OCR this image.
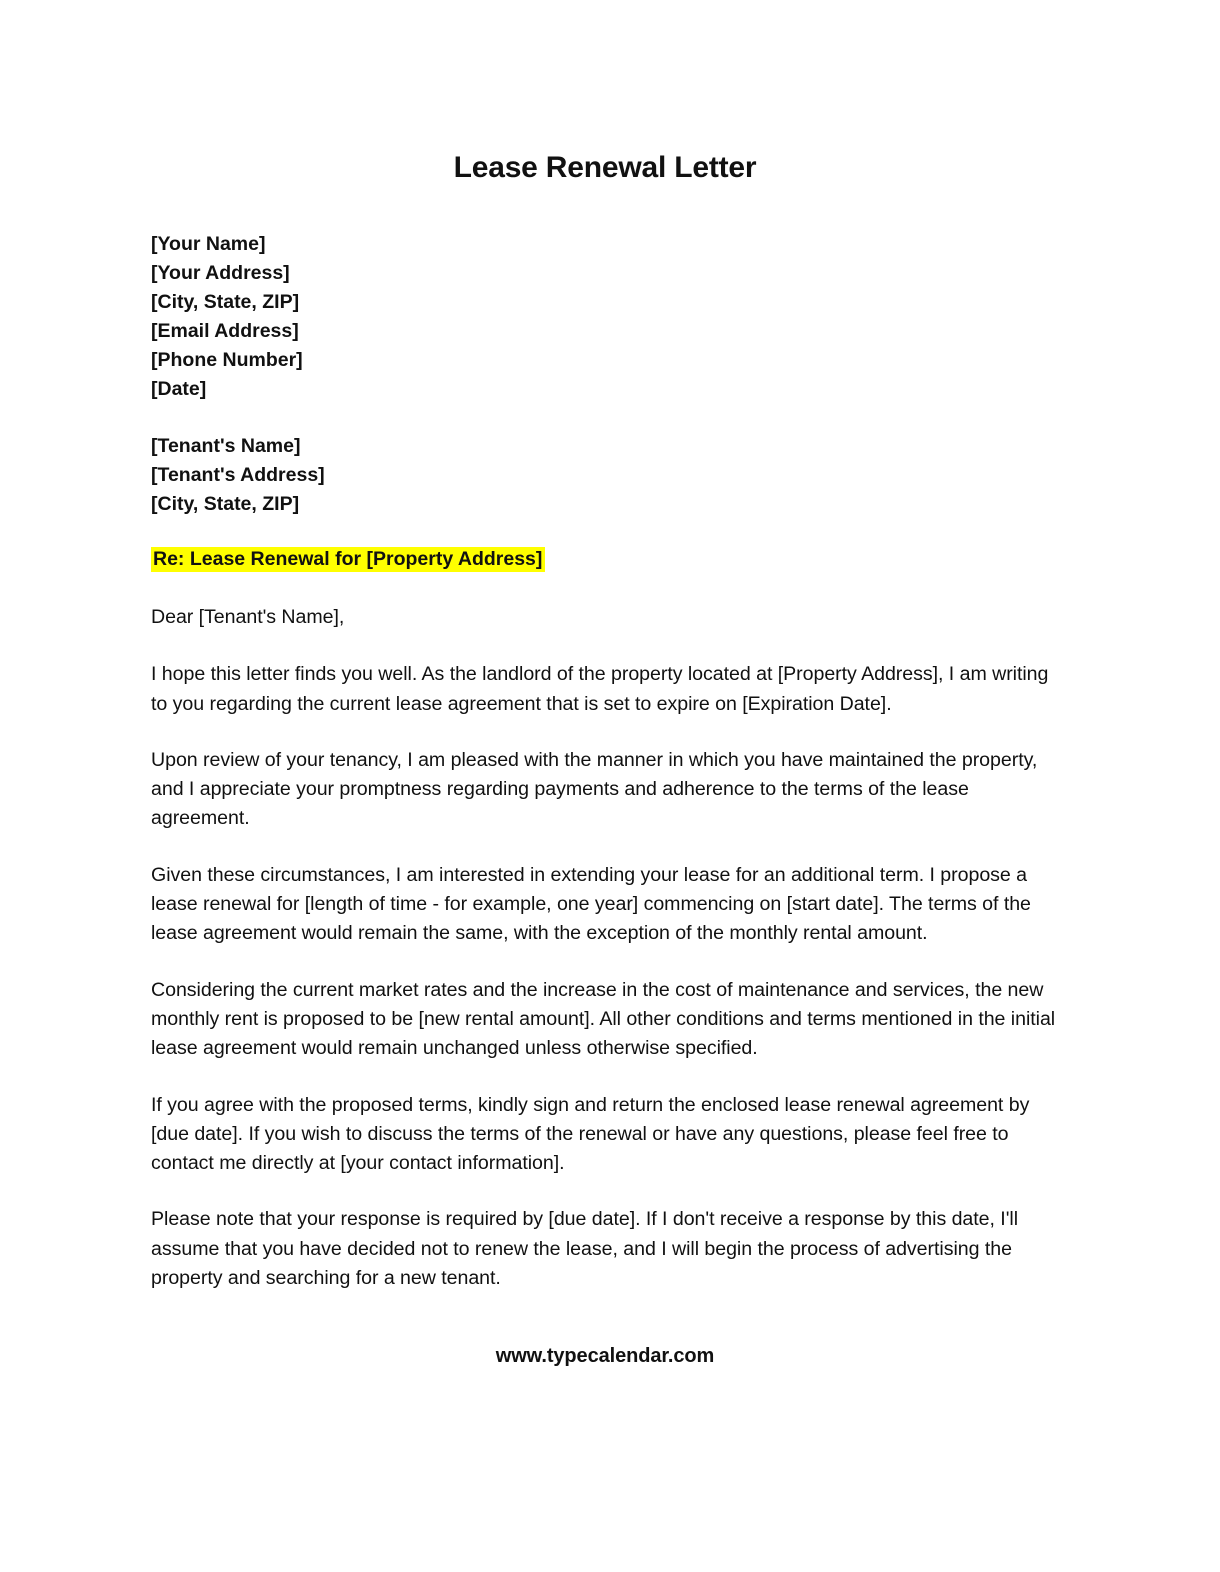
Lease Renewal Letter
[Your Name]
[Your Address]
[City, State, ZIP]
[Email Address]
[Phone Number]
[Date]
[Tenant's Name]
[Tenant's Address]
[City, State, ZIP]
Re: Lease Renewal for [Property Address]

Dear [Tenant's Name],

I hope this letter finds you well. As the landlord of the property located at [Property Address], I am writing to you regarding the current lease agreement that is set to expire on [Expiration Date].

Upon review of your tenancy, I am pleased with the manner in which you have maintained the property, and I appreciate your promptness regarding payments and adherence to the terms of the lease agreement.

Given these circumstances, I am interested in extending your lease for an additional term. I propose a lease renewal for [length of time - for example, one year] commencing on [start date]. The terms of the lease agreement would remain the same, with the exception of the monthly rental amount.

Considering the current market rates and the increase in the cost of maintenance and services, the new monthly rent is proposed to be [new rental amount]. All other conditions and terms mentioned in the initial lease agreement would remain unchanged unless otherwise specified.

If you agree with the proposed terms, kindly sign and return the enclosed lease renewal agreement by [due date]. If you wish to discuss the terms of the renewal or have any questions, please feel free to contact me directly at [your contact information].

Please note that your response is required by [due date]. If I don't receive a response by this date, I'll assume that you have decided not to renew the lease, and I will begin the process of advertising the property and searching for a new tenant.

www.typecalendar.com
